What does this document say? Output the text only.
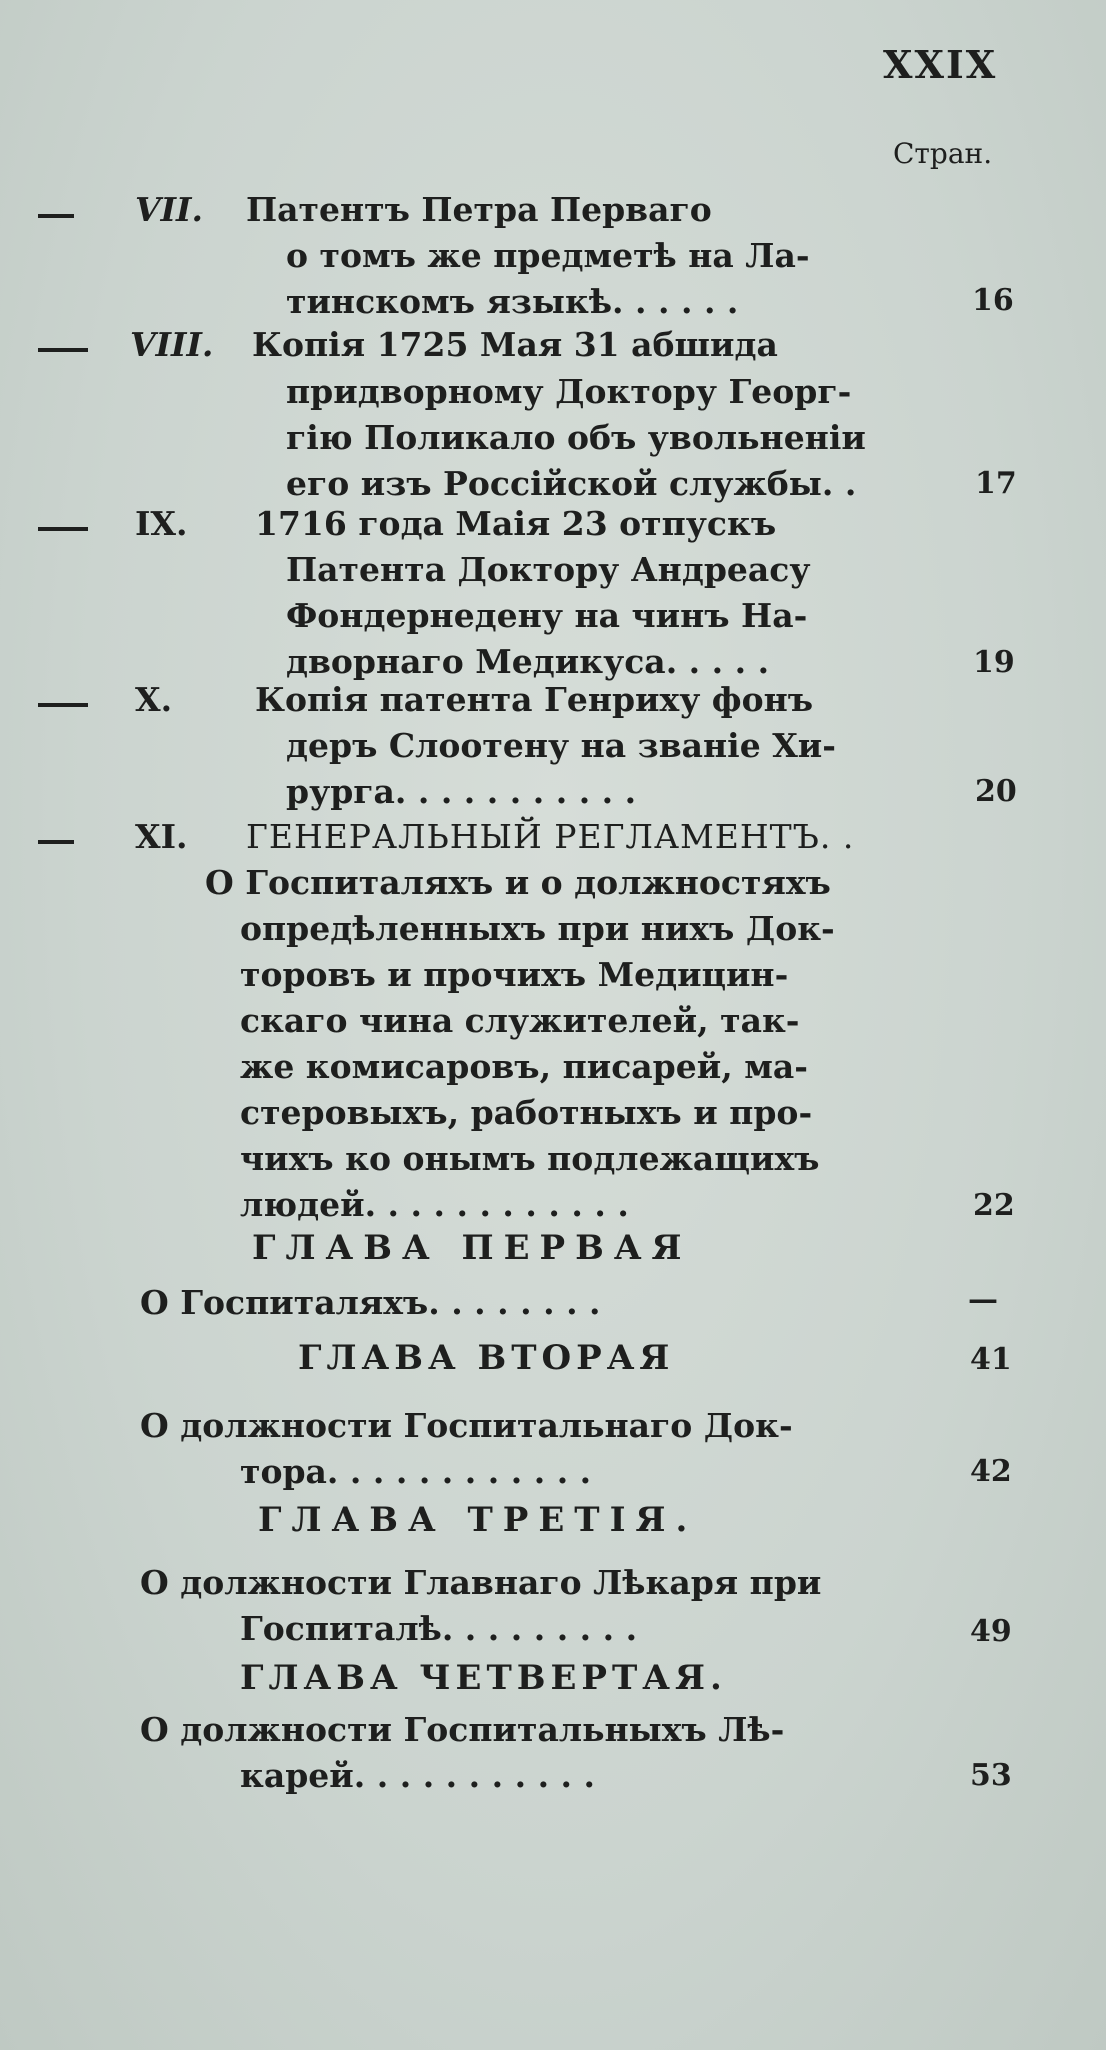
XXIX
Стран.
VII. Патентъ Петра Перваго
о томъ же предметѣ на Ла-
тинскомъ языкѣ. . . . . .	16
VIII. Копія 1725 Мая 31 абшида
придворному Доктору Георг-
гію Поликало объ увольненіи
его изъ Россійской службы. .	17
IX. 1716 года Маія 23 отпускъ
Патента Доктору Андреасу
Фондернедену на чинъ На-
дворнаго Медикуса. . . . .	19
X.	Копія патента Генриху фонъ
деръ Слоотену на званіе Хи-
рурга. . . . . . . . . . .	20
XI. ГЕНЕРАЛЬНЫЙ РЕГЛАМЕНТЪ. .
О Госпиталяхъ и о должностяхъ
опредѣленныхъ при нихъ Док-
торовъ и прочихъ Медицин-
скаго чина служителей, так-
же комисаровъ, писарей, ма-
стеровыхъ, работныхъ и про-
чихъ ко онымъ подлежащихъ
людей. . . . . . . . . . . .	22
ГЛАВА ПЕРВАЯ
О Госпиталяхъ. . . . . . . .	—
ГЛАВА ВТОРАЯ	41
О должности Госпитальнаго Док-
тора. . . . . . . . . . . .	42
ГЛАВА ТРЕТІЯ.
О должности Главнаго Лѣкаря при
Госпиталѣ. . . . . . . . .	49
ГЛАВА ЧЕТВЕРТАЯ.
О должности Госпитальныхъ Лѣ-
карей. . . . . . . . . . .	53
